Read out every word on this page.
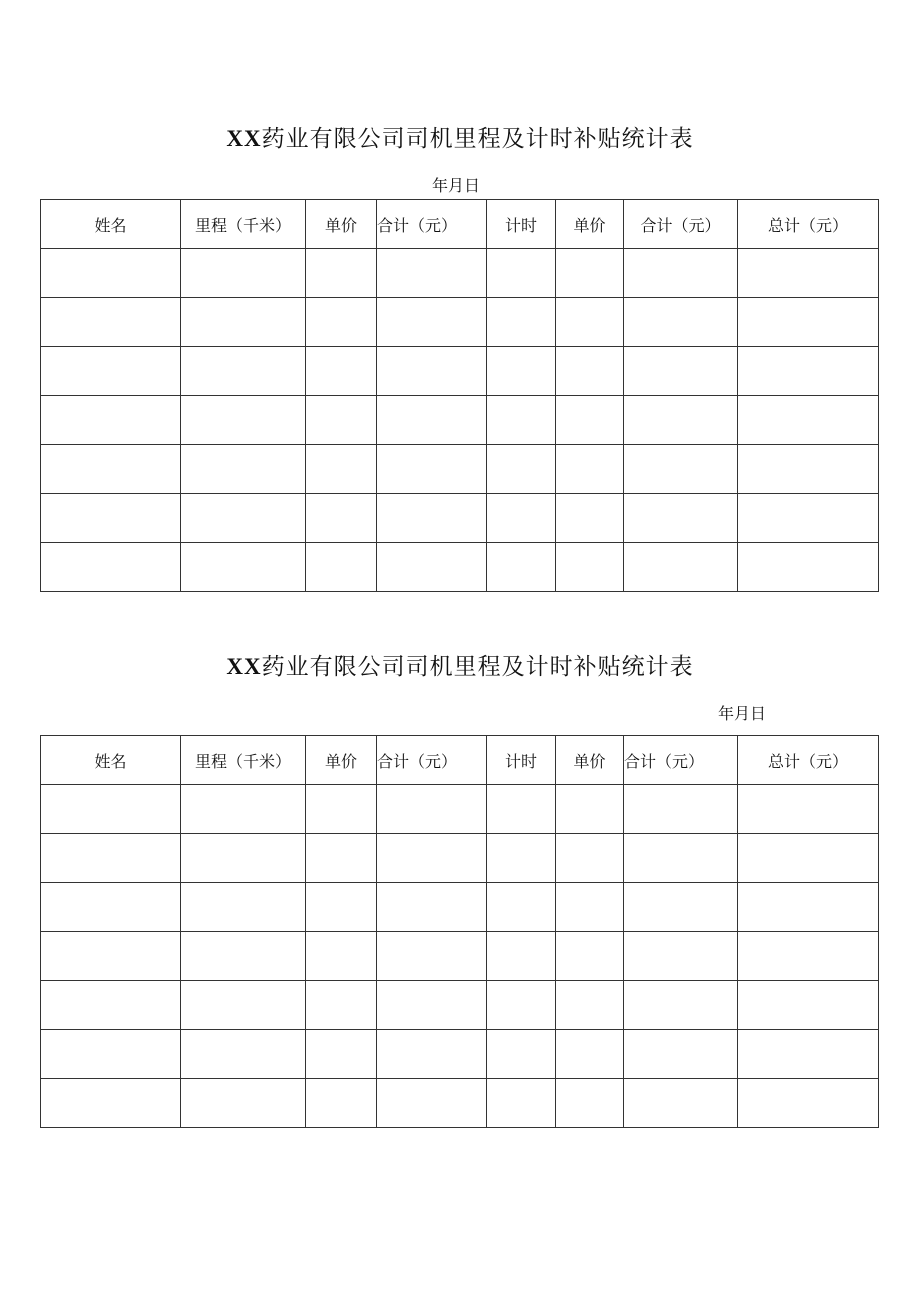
XX药业有限公司司机里程及计时补贴统计表
年月日
姓名	里程（千米）	单价	合计（元）	计时	单价	合计（元）	总计（元）

XX药业有限公司司机里程及计时补贴统计表
年月日
姓名	里程（千米）	单价	合计（元）	计时	单价	合计（元）	总计（元）
